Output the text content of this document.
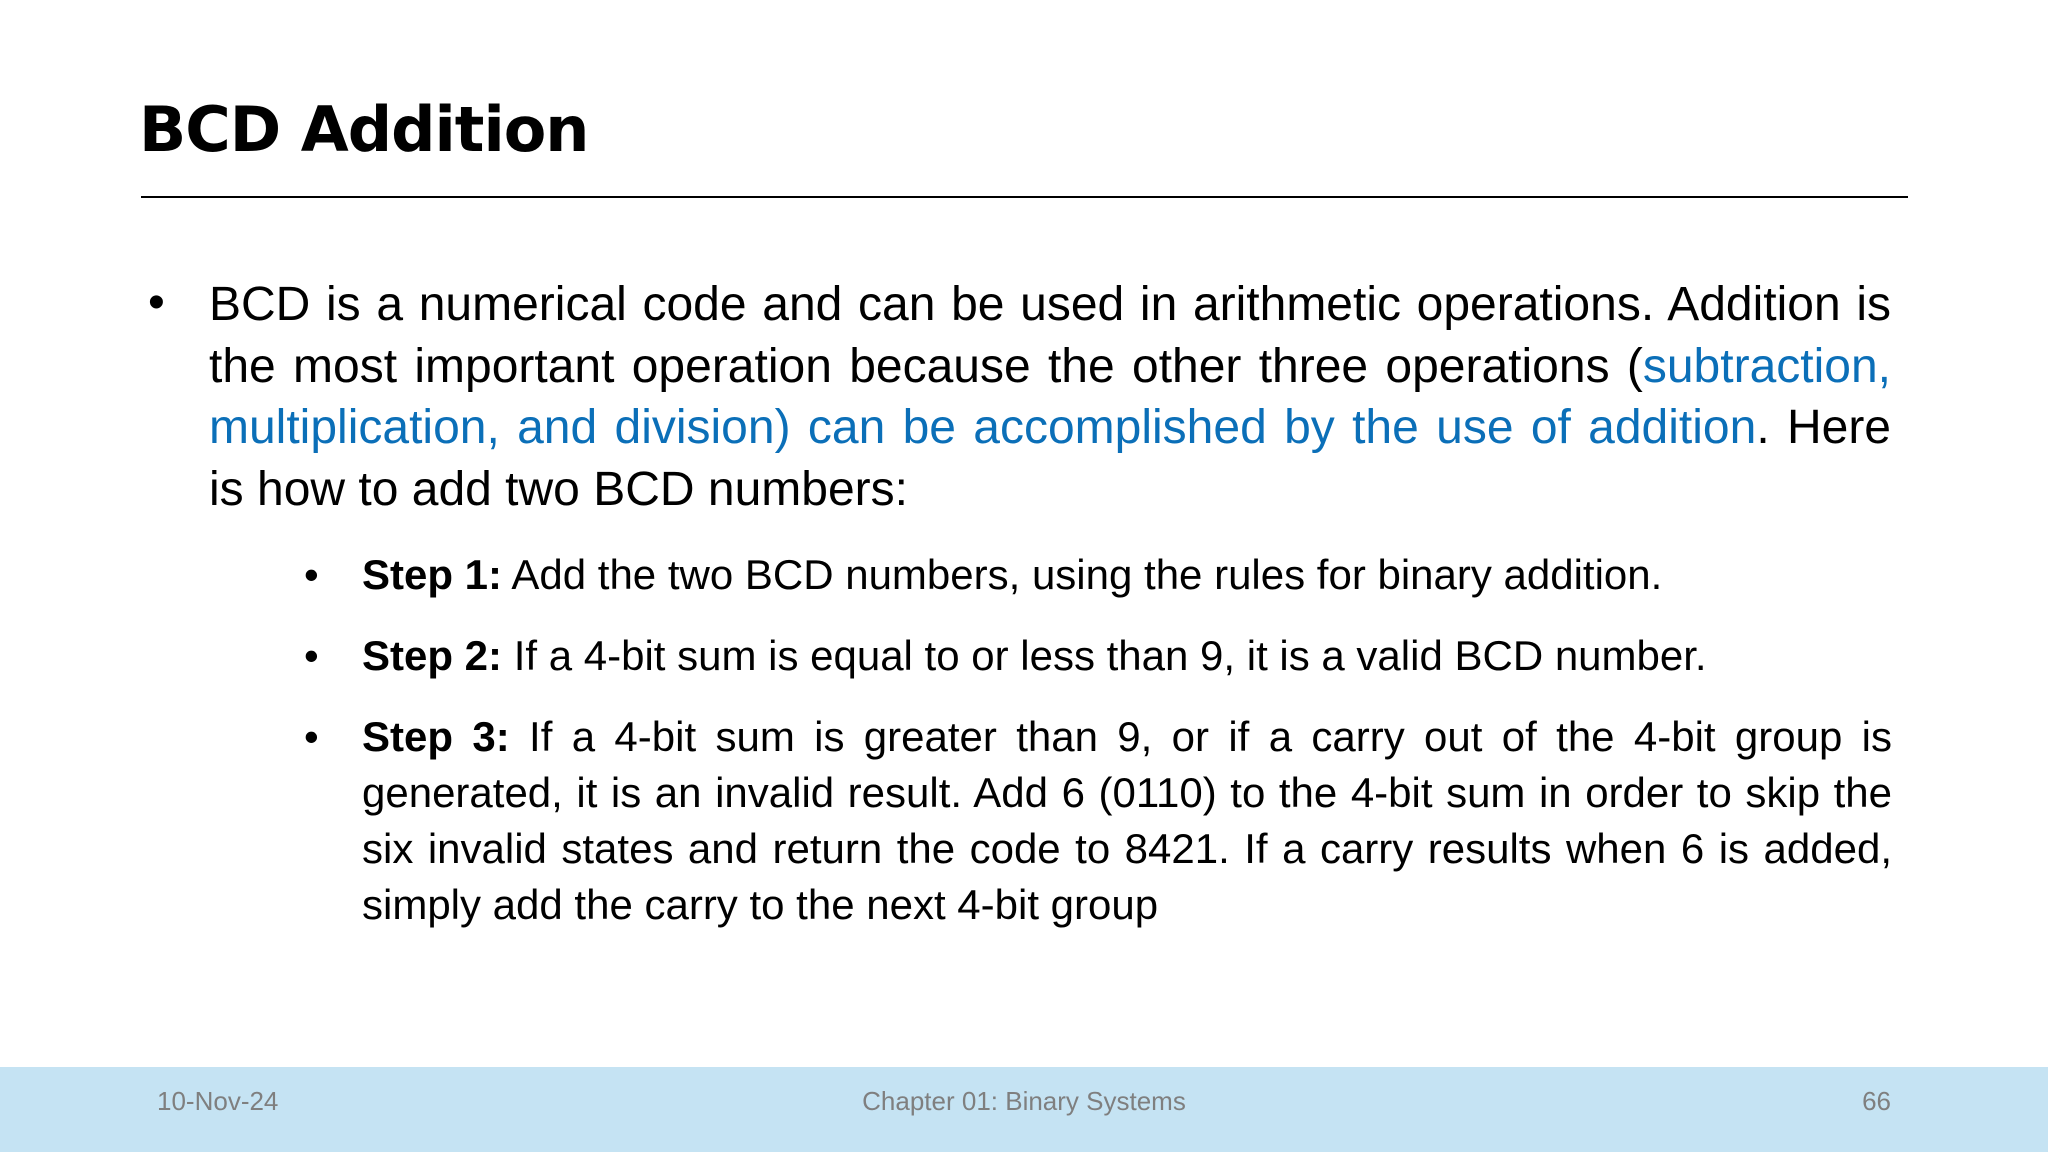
BCD Addition
• BCD is a numerical code and can be used in arithmetic operations. Addition is the most important operation because the other three operations (subtraction, multiplication, and division) can be accomplished by the use of addition. Here is how to add two BCD numbers:

• Step 1: Add the two BCD numbers, using the rules for binary addition.

• Step 2: If a 4-bit sum is equal to or less than 9, it is a valid BCD number.

• Step 3: If a 4-bit sum is greater than 9, or if a carry out of the 4-bit group is generated, it is an invalid result. Add 6 (0110) to the 4-bit sum in order to skip the six invalid states and return the code to 8421. If a carry results when 6 is added, simply add the carry to the next 4-bit group

10-Nov-24	Chapter 01: Binary Systems	66
